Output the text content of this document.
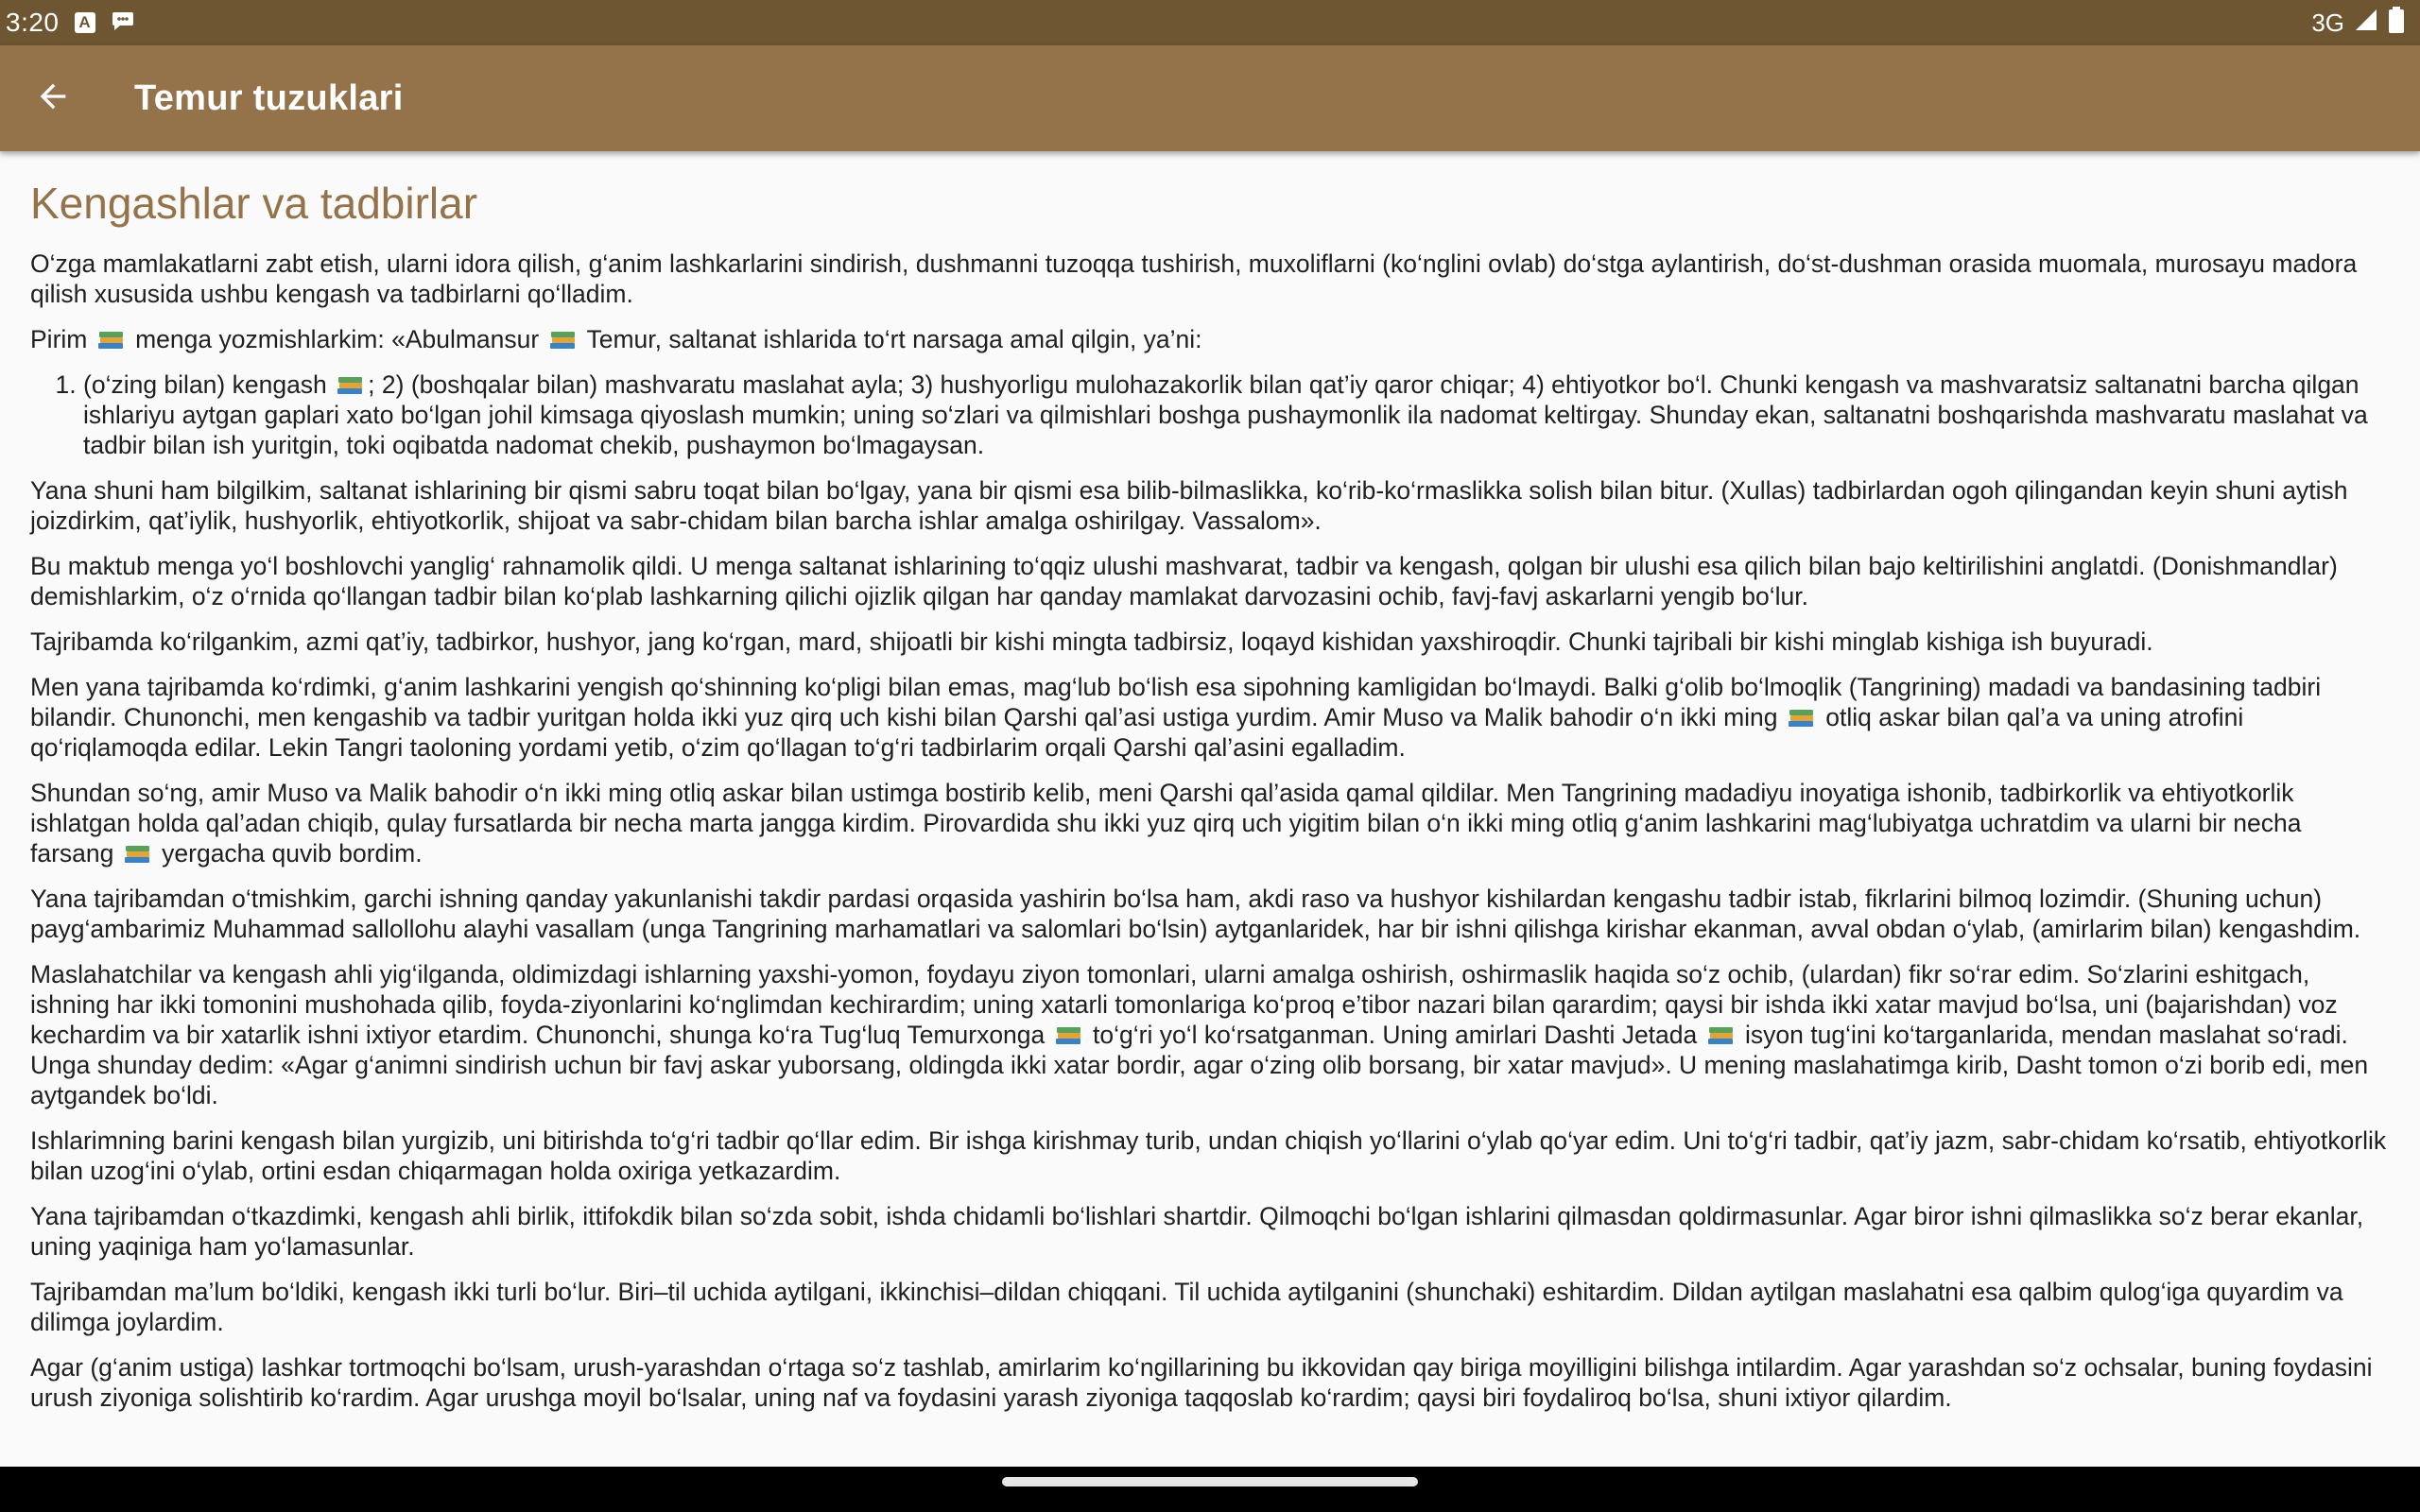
3:20 A	3G
Temur tuzuklari
Kengashlar va tadbirlar

O‘zga mamlakatlarni zabt etish, ularni idora qilish, g‘anim lashkarlarini sindirish, dushmanni tuzoqqa tushirish, muxoliflarni (ko‘nglini ovlab) do‘stga aylantirish, do‘st-dushman orasida muomala, murosayu madora qilish xususida ushbu kengash va tadbirlarni qo‘lladim.

Pirim menga yozmishlarkim: «Abulmansur Temur, saltanat ishlarida to‘rt narsaga amal qilgin, ya’ni:

1. (o‘zing bilan) kengash ; 2) (boshqalar bilan) mashvaratu maslahat ayla; 3) hushyorligu mulohazakorlik bilan qat’iy qaror chiqar; 4) ehtiyotkor bo‘l. Chunki kengash va mashvaratsiz saltanatni barcha qilgan ishlariyu aytgan gaplari xato bo‘lgan johil kimsaga qiyoslash mumkin; uning so‘zlari va qilmishlari boshga pushaymonlik ila nadomat keltirgay. Shunday ekan, saltanatni boshqarishda mashvaratu maslahat va tadbir bilan ish yuritgin, toki oqibatda nadomat chekib, pushaymon bo‘lmagaysan.

Yana shuni ham bilgilkim, saltanat ishlarining bir qismi sabru toqat bilan bo‘lgay, yana bir qismi esa bilib-bilmaslikka, ko‘rib-ko‘rmaslikka solish bilan bitur. (Xullas) tadbirlardan ogoh qilingandan keyin shuni aytish joizdirkim, qat’iylik, hushyorlik, ehtiyotkorlik, shijoat va sabr-chidam bilan barcha ishlar amalga oshirilgay. Vassalom».

Bu maktub menga yo‘l boshlovchi yanglig‘ rahnamolik qildi. U menga saltanat ishlarining to‘qqiz ulushi mashvarat, tadbir va kengash, qolgan bir ulushi esa qilich bilan bajo keltirilishini anglatdi. (Donishmandlar) demishlarkim, o‘z o‘rnida qo‘llangan tadbir bilan ko‘plab lashkarning qilichi ojizlik qilgan har qanday mamlakat darvozasini ochib, favj-favj askarlarni yengib bo‘lur.

Tajribamda ko‘rilgankim, azmi qat’iy, tadbirkor, hushyor, jang ko‘rgan, mard, shijoatli bir kishi mingta tadbirsiz, loqayd kishidan yaxshiroqdir. Chunki tajribali bir kishi minglab kishiga ish buyuradi.

Men yana tajribamda ko‘rdimki, g‘anim lashkarini yengish qo‘shinning ko‘pligi bilan emas, mag‘lub bo‘lish esa sipohning kamligidan bo‘lmaydi. Balki g‘olib bo‘lmoqlik (Tangrining) madadi va bandasining tadbiri bilandir. Chunonchi, men kengashib va tadbir yuritgan holda ikki yuz qirq uch kishi bilan Qarshi qal’asi ustiga yurdim. Amir Muso va Malik bahodir o‘n ikki ming otliq askar bilan qal’a va uning atrofini qo‘riqlamoqda edilar. Lekin Tangri taoloning yordami yetib, o‘zim qo‘llagan to‘g‘ri tadbirlarim orqali Qarshi qal’asini egalladim.

Shundan so‘ng, amir Muso va Malik bahodir o‘n ikki ming otliq askar bilan ustimga bostirib kelib, meni Qarshi qal’asida qamal qildilar. Men Tangrining madadiyu inoyatiga ishonib, tadbirkorlik va ehtiyotkorlik ishlatgan holda qal’adan chiqib, qulay fursatlarda bir necha marta jangga kirdim. Pirovardida shu ikki yuz qirq uch yigitim bilan o‘n ikki ming otliq g‘anim lashkarini mag‘lubiyatga uchratdim va ularni bir necha farsang yergacha quvib bordim.

Yana tajribamdan o‘tmishkim, garchi ishning qanday yakunlanishi takdir pardasi orqasida yashirin bo‘lsa ham, akdi raso va hushyor kishilardan kengashu tadbir istab, fikrlarini bilmoq lozimdir. (Shuning uchun) payg‘ambarimiz Muhammad sallollohu alayhi vasallam (unga Tangrining marhamatlari va salomlari bo‘lsin) aytganlaridek, har bir ishni qilishga kirishar ekanman, avval obdan o‘ylab, (amirlarim bilan) kengashdim.

Maslahatchilar va kengash ahli yig‘ilganda, oldimizdagi ishlarning yaxshi-yomon, foydayu ziyon tomonlari, ularni amalga oshirish, oshirmaslik haqida so‘z ochib, (ulardan) fikr so‘rar edim. So‘zlarini eshitgach, ishning har ikki tomonini mushohada qilib, foyda-ziyonlarini ko‘nglimdan kechirardim; uning xatarli tomonlariga ko‘proq e’tibor nazari bilan qarardim; qaysi bir ishda ikki xatar mavjud bo‘lsa, uni (bajarishdan) voz kechardim va bir xatarlik ishni ixtiyor etardim. Chunonchi, shunga ko‘ra Tug‘luq Temurxonga to‘g‘ri yo‘l ko‘rsatganman. Uning amirlari Dashti Jetada isyon tug‘ini ko‘targanlarida, mendan maslahat so‘radi. Unga shunday dedim: «Agar g‘animni sindirish uchun bir favj askar yuborsang, oldingda ikki xatar bordir, agar o‘zing olib borsang, bir xatar mavjud». U mening maslahatimga kirib, Dasht tomon o‘zi borib edi, men aytgandek bo‘ldi.

Ishlarimning barini kengash bilan yurgizib, uni bitirishda to‘g‘ri tadbir qo‘llar edim. Bir ishga kirishmay turib, undan chiqish yo‘llarini o‘ylab qo‘yar edim. Uni to‘g‘ri tadbir, qat’iy jazm, sabr-chidam ko‘rsatib, ehtiyotkorlik bilan uzog‘ini o‘ylab, ortini esdan chiqarmagan holda oxiriga yetkazardim.

Yana tajribamdan o‘tkazdimki, kengash ahli birlik, ittifokdik bilan so‘zda sobit, ishda chidamli bo‘lishlari shartdir. Qilmoqchi bo‘lgan ishlarini qilmasdan qoldirmasunlar. Agar biror ishni qilmaslikka so‘z berar ekanlar, uning yaqiniga ham yo‘lamasunlar.

Tajribamdan ma’lum bo‘ldiki, kengash ikki turli bo‘lur. Biri–til uchida aytilgani, ikkinchisi–dildan chiqqani. Til uchida aytilganini (shunchaki) eshitardim. Dildan aytilgan maslahatni esa qalbim qulog‘iga quyardim va dilimga joylardim.

Agar (g‘anim ustiga) lashkar tortmoqchi bo‘lsam, urush-yarashdan o‘rtaga so‘z tashlab, amirlarim ko‘ngillarining bu ikkovidan qay biriga moyilligini bilishga intilardim. Agar yarashdan so‘z ochsalar, buning foydasini urush ziyoniga solishtirib ko‘rardim. Agar urushga moyil bo‘lsalar, uning naf va foydasini yarash ziyoniga taqqoslab ko‘rardim; qaysi biri foydaliroq bo‘lsa, shuni ixtiyor qilardim.
